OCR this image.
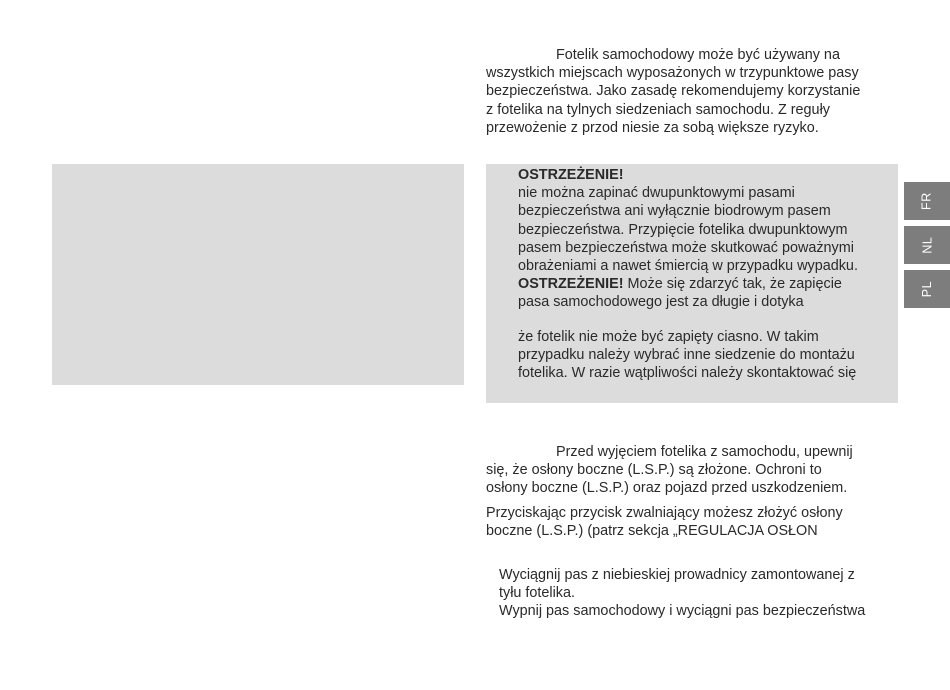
Fotelik samochodowy może być używany na
wszystkich miejscach wyposażonych w trzypunktowe pasy
bezpieczeństwa. Jako zasadę rekomendujemy korzystanie
z fotelika na tylnych siedzeniach samochodu. Z reguły
przewożenie z przod niesie za sobą większe ryzyko.
OSTRZEŻENIE!
nie można zapinać dwupunktowymi pasami
bezpieczeństwa ani wyłącznie biodrowym pasem
bezpieczeństwa. Przypięcie fotelika dwupunktowym
pasem bezpieczeństwa może skutkować poważnymi
obrażeniami a nawet śmiercią w przypadku wypadku.
OSTRZEŻENIE! Może się zdarzyć tak, że zapięcie
pasa samochodowego jest za długie i dotyka
że fotelik nie może być zapięty ciasno. W takim
przypadku należy wybrać inne siedzenie do montażu
fotelika. W razie wątpliwości należy skontaktować się
Przed wyjęciem fotelika z samochodu, upewnij
się, że osłony boczne (L.S.P.) są złożone. Ochroni to
osłony boczne (L.S.P.) oraz pojazd przed uszkodzeniem.
Przyciskając przycisk zwalniający możesz złożyć osłony
boczne (L.S.P.) (patrz sekcja „REGULACJA OSŁON
Wyciągnij pas z niebieskiej prowadnicy zamontowanej z
tyłu fotelika.
Wypnij pas samochodowy i wyciągni pas bezpieczeństwa
FR
NL
PL
